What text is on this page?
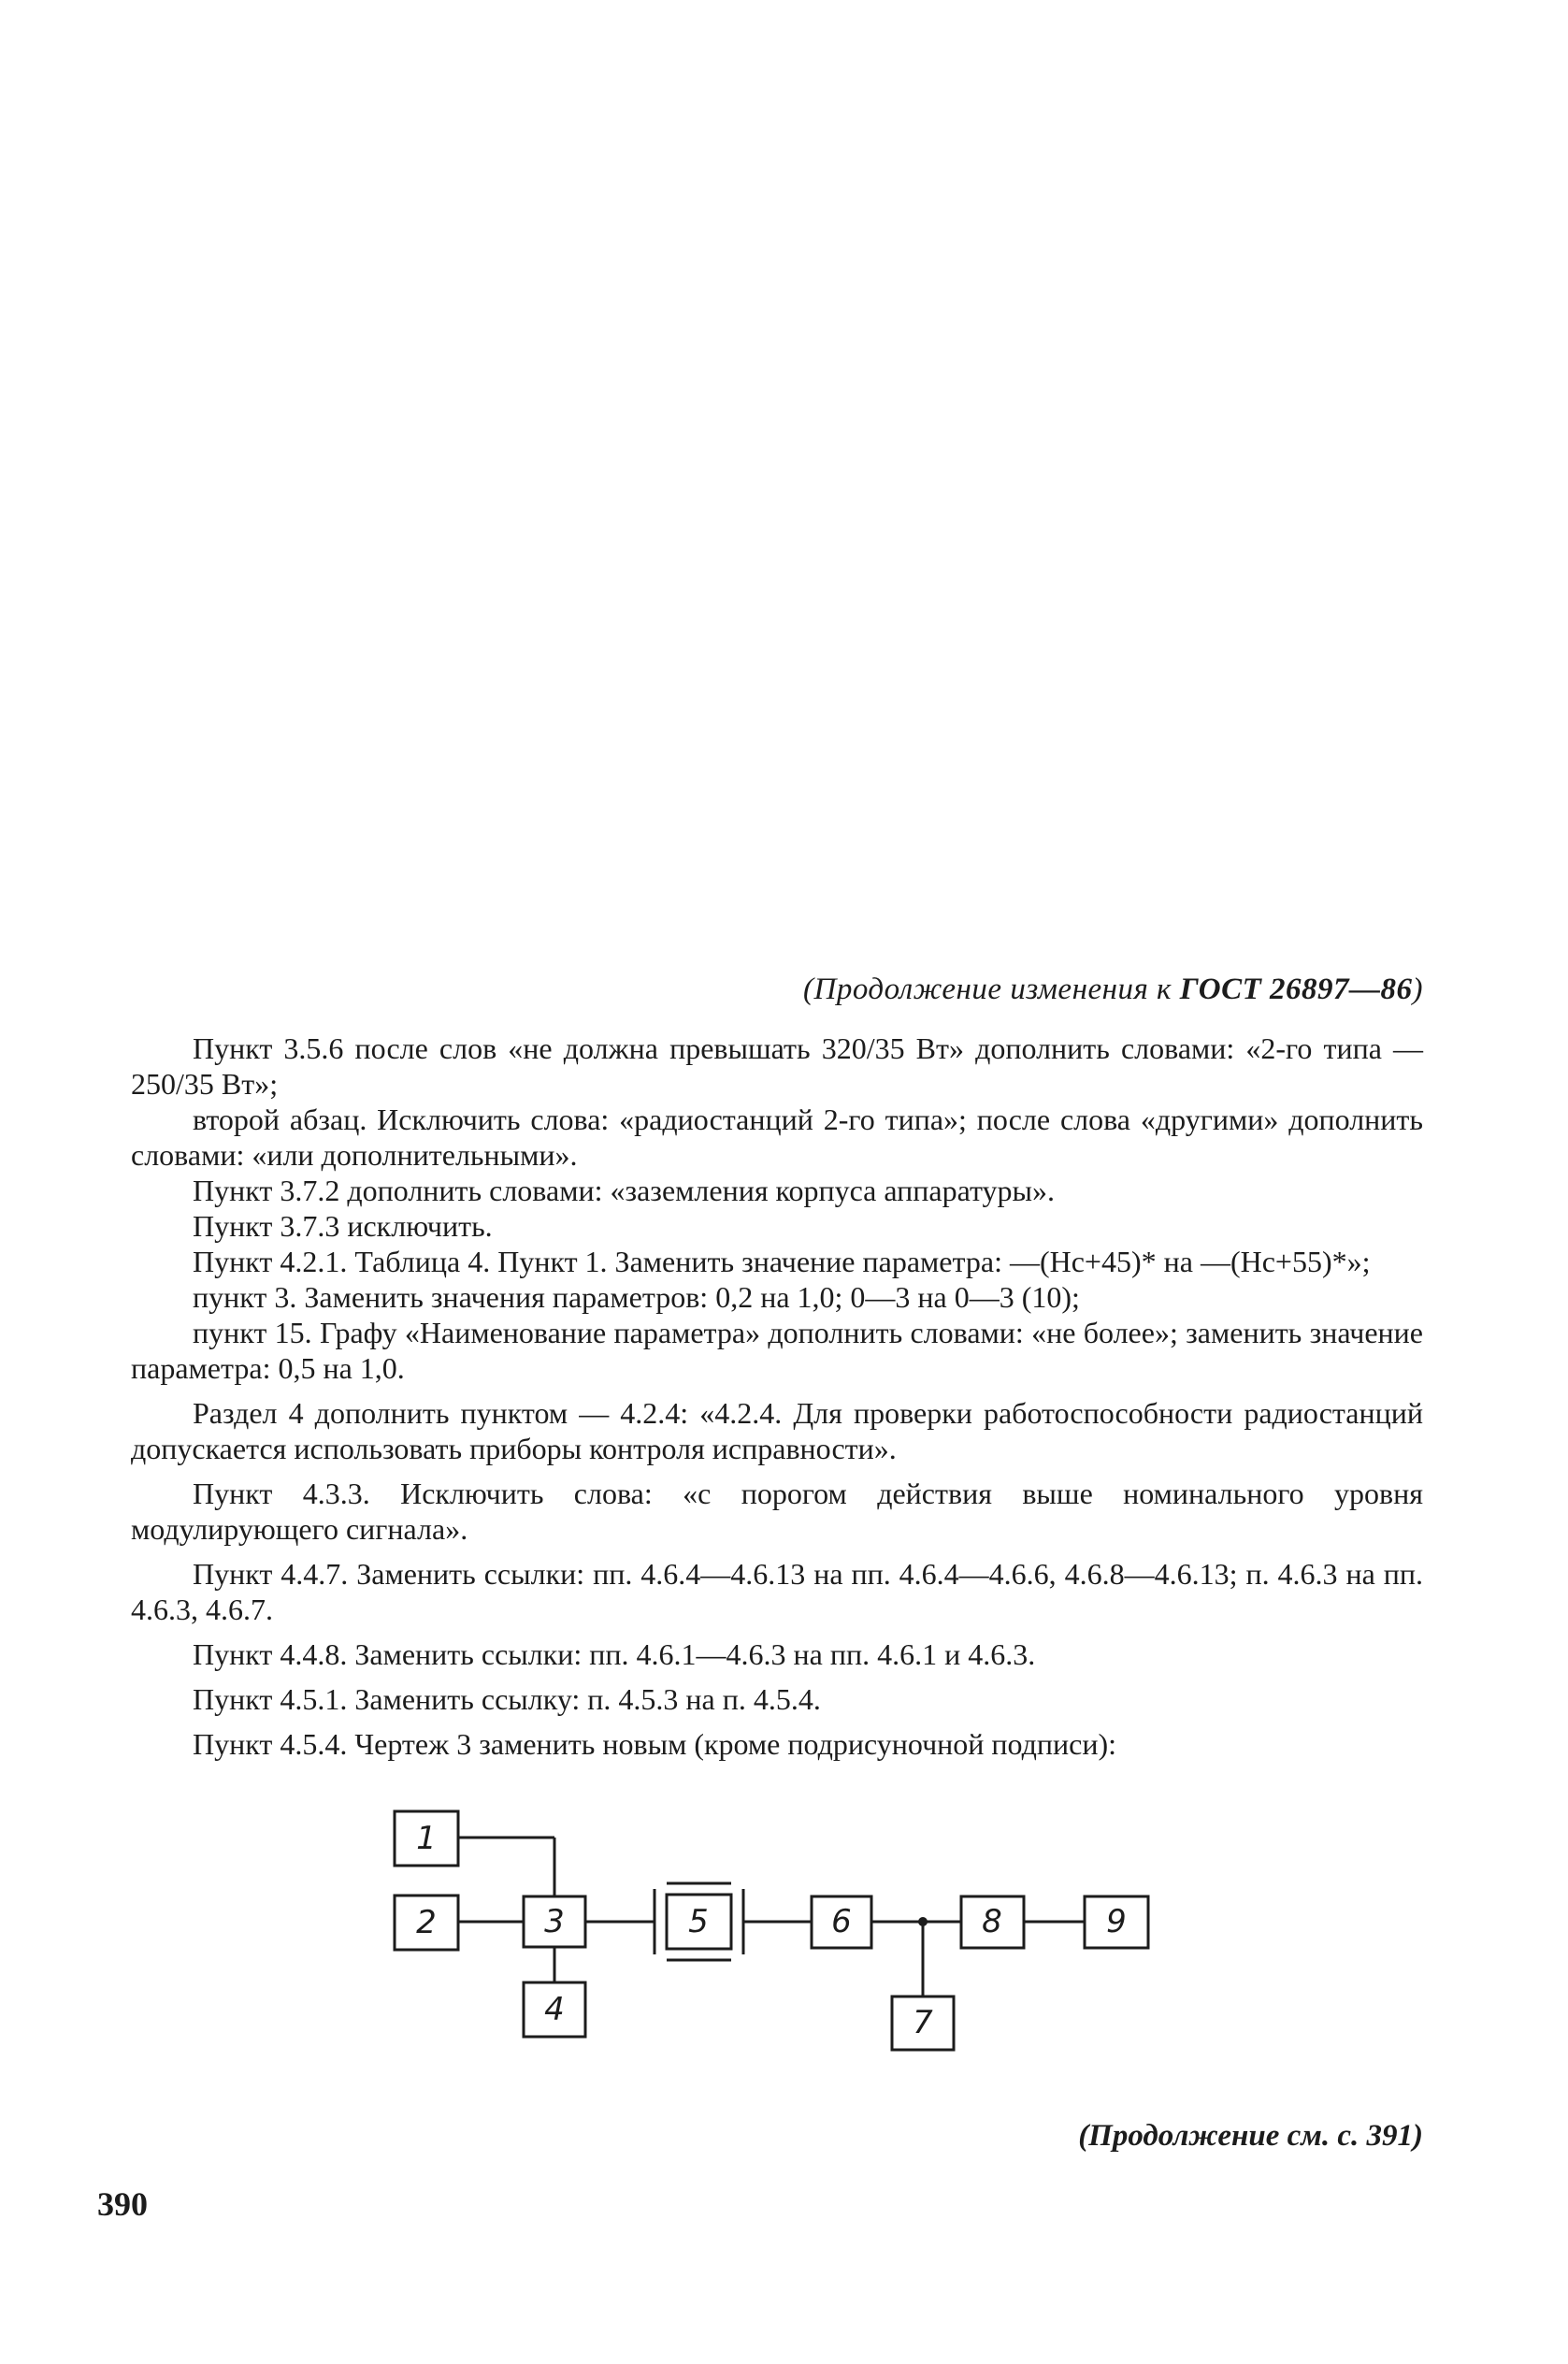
(Продолжение изменения к ГОСТ 26897—86)

Пункт 3.5.6 после слов «не должна превышать 320/35 Вт» дополнить словами: «2-го типа — 250/35 Вт»;

второй абзац. Исключить слова: «радиостанций 2-го типа»; после слова «другими» дополнить словами: «или дополнительными».

Пункт 3.7.2 дополнить словами: «заземления корпуса аппаратуры».

Пункт 3.7.3 исключить.

Пункт 4.2.1. Таблица 4. Пункт 1. Заменить значение параметра: —(Hc+45)* на —(Hc+55)*»;

пункт 3. Заменить значения параметров: 0,2 на 1,0; 0—3 на 0—3 (10);

пункт 15. Графу «Наименование параметра» дополнить словами: «не более»; заменить значение параметра: 0,5 на 1,0.

Раздел 4 дополнить пунктом — 4.2.4: «4.2.4. Для проверки работоспособности радиостанций допускается использовать приборы контроля исправности».

Пункт 4.3.3. Исключить слова: «с порогом действия выше номинального уровня модулирующего сигнала».

Пункт 4.4.7. Заменить ссылки: пп. 4.6.4—4.6.13 на пп. 4.6.4—4.6.6, 4.6.8—4.6.13; п. 4.6.3 на пп. 4.6.3, 4.6.7.

Пункт 4.4.8. Заменить ссылки: пп. 4.6.1—4.6.3 на пп. 4.6.1 и 4.6.3.

Пункт 4.5.1. Заменить ссылку: п. 4.5.3 на п. 4.5.4.

Пункт 4.5.4. Чертеж 3 заменить новым (кроме подрисуночной подписи):

1
2	3
4
5	6
7
8	9
(Продолжение см. с. 391)
390
